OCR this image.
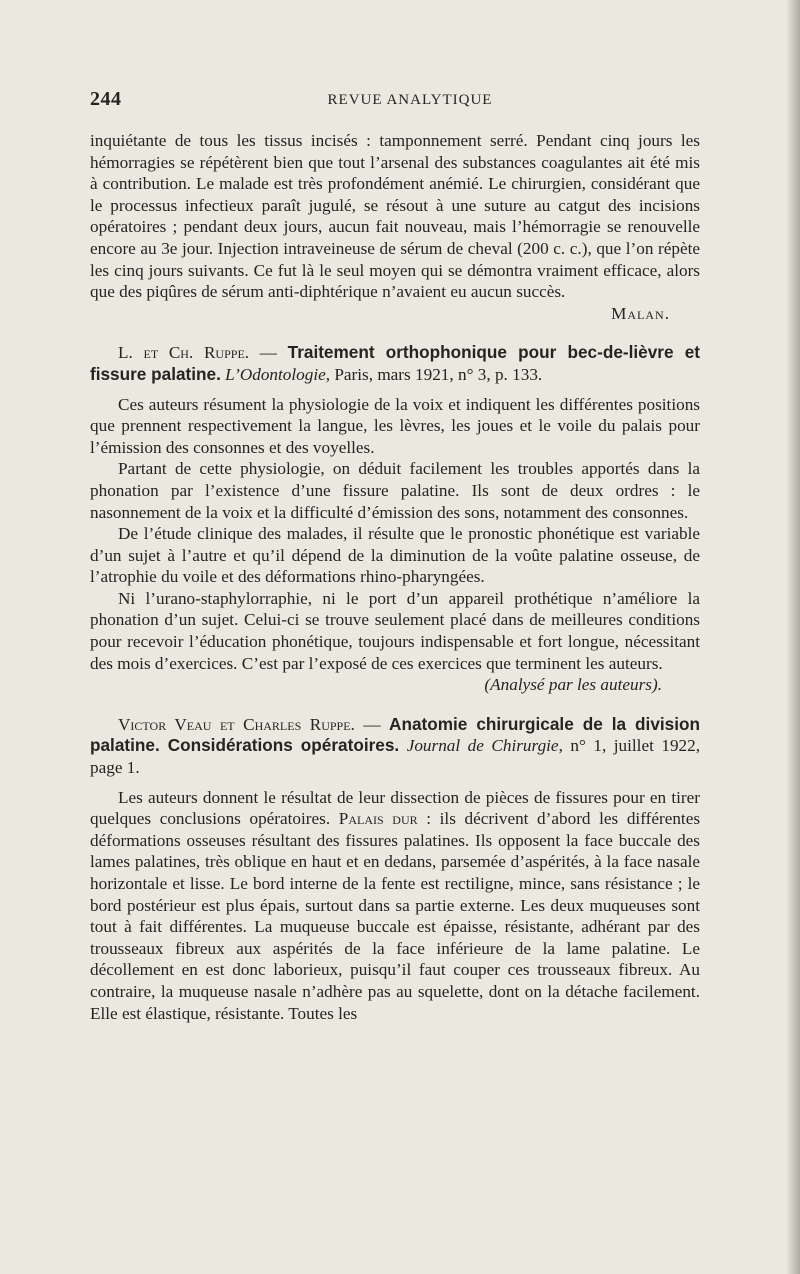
244	REVUE ANALYTIQUE

inquiétante de tous les tissus incisés : tamponnement serré. Pendant cinq jours les hémorragies se répétèrent bien que tout l’arsenal des substances coagulantes ait été mis à contribution. Le malade est très profondément anémié. Le chirurgien, considérant que le processus infectieux paraît jugulé, se résout à une suture au catgut des incisions opératoires ; pendant deux jours, aucun fait nouveau, mais l’hémorragie se renouvelle encore au 3e jour. Injection intraveineuse de sérum de cheval (200 c. c.), que l’on répète les cinq jours suivants. Ce fut là le seul moyen qui se démontra vraiment efficace, alors que des piqûres de sérum anti-diphtérique n’avaient eu aucun succès.

Malan.

L. et Ch. Ruppe. — Traitement orthophonique pour bec-de-lièvre et fissure palatine. L’Odontologie, Paris, mars 1921, n° 3, p. 133.

Ces auteurs résument la physiologie de la voix et indiquent les différentes positions que prennent respectivement la langue, les lèvres, les joues et le voile du palais pour l’émission des consonnes et des voyelles.

Partant de cette physiologie, on déduit facilement les troubles apportés dans la phonation par l’existence d’une fissure palatine. Ils sont de deux ordres : le nasonnement de la voix et la difficulté d’émission des sons, notamment des consonnes.

De l’étude clinique des malades, il résulte que le pronostic phonétique est variable d’un sujet à l’autre et qu’il dépend de la diminution de la voûte palatine osseuse, de l’atrophie du voile et des déformations rhino-pharyngées.

Ni l’urano-staphylorraphie, ni le port d’un appareil prothétique n’améliore la phonation d’un sujet. Celui-ci se trouve seulement placé dans de meilleures conditions pour recevoir l’éducation phonétique, toujours indispensable et fort longue, nécessitant des mois d’exercices. C’est par l’exposé de ces exercices que terminent les auteurs.

(Analysé par les auteurs).

Victor Veau et Charles Ruppe. — Anatomie chirurgicale de la division palatine. Considérations opératoires. Journal de Chirurgie, n° 1, juillet 1922, page 1.

Les auteurs donnent le résultat de leur dissection de pièces de fissures pour en tirer quelques conclusions opératoires. Palais dur : ils décrivent d’abord les différentes déformations osseuses résultant des fissures palatines. Ils opposent la face buccale des lames palatines, très oblique en haut et en dedans, parsemée d’aspérités, à la face nasale horizontale et lisse. Le bord interne de la fente est rectiligne, mince, sans résistance ; le bord postérieur est plus épais, surtout dans sa partie externe. Les deux muqueuses sont tout à fait différentes. La muqueuse buccale est épaisse, résistante, adhérant par des trousseaux fibreux aux aspérités de la face inférieure de la lame palatine. Le décollement en est donc laborieux, puisqu’il faut couper ces trousseaux fibreux. Au contraire, la muqueuse nasale n’adhère pas au squelette, dont on la détache facilement. Elle est élastique, résistante. Toutes les
